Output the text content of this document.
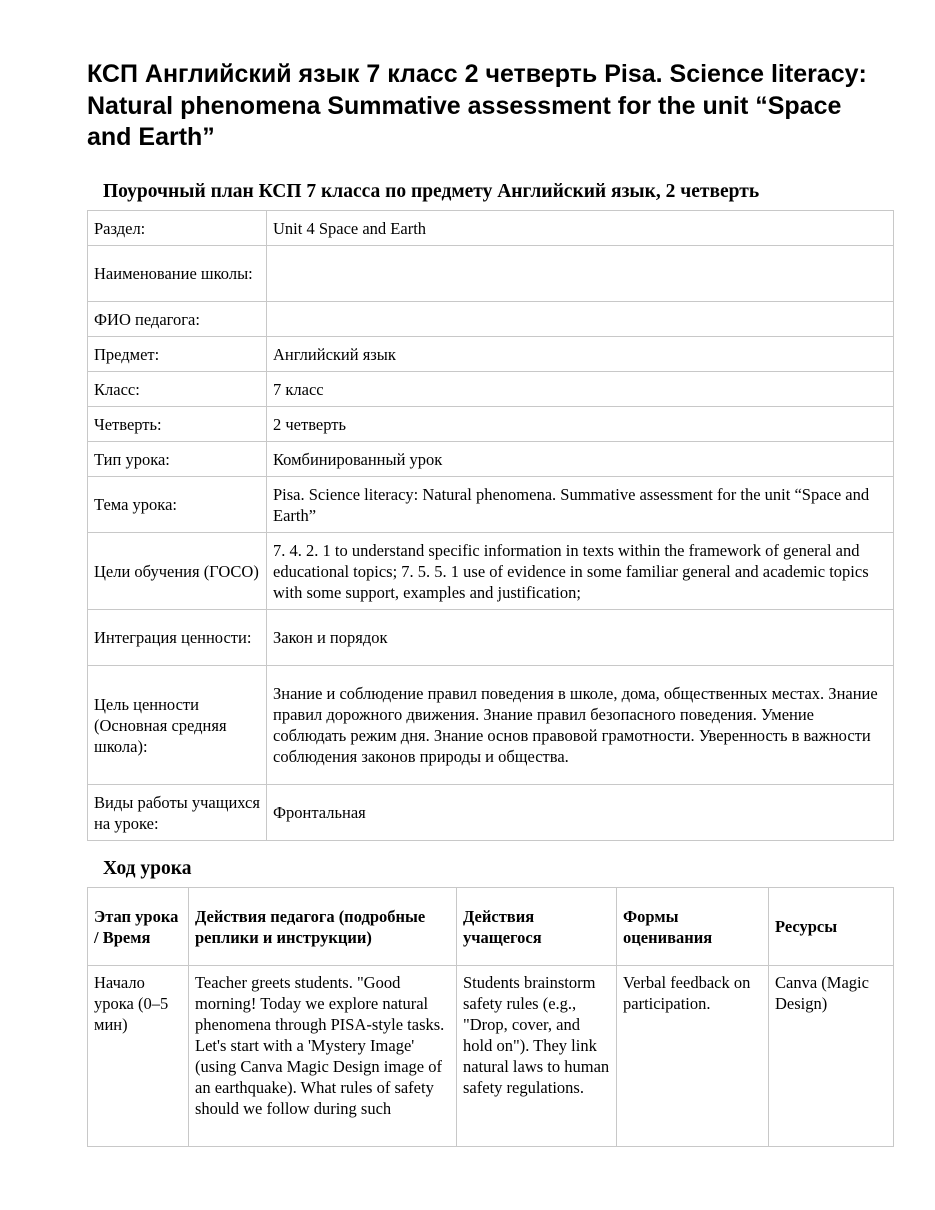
КСП Английский язык 7 класс 2 четверть Pisa. Science literacy: Natural phenomena Summative assessment for the unit “Space and Earth”
Поурочный план КСП 7 класса по предмету Английский язык, 2 четверть
Раздел:	Unit 4 Space and Earth
Наименование школы:	
ФИО педагога:	
Предмет:	Английский язык
Класс:	7 класс
Четверть:	2 четверть
Тип урока:	Комбинированный урок
Тема урока:	Pisa. Science literacy: Natural phenomena. Summative assessment for the unit “Space and Earth”
Цели обучения (ГОСО)	7. 4. 2. 1 to understand specific information in texts within the framework of general and educational topics; 7. 5. 5. 1 use of evidence in some familiar general and academic topics with some support, examples and justification;
Интеграция ценности:	Закон и порядок
Цель ценности (Основная средняя школа):	Знание и соблюдение правил поведения в школе, дома, общественных местах. Знание правил дорожного движения. Знание правил безопасного поведения. Умение соблюдать режим дня. Знание основ правовой грамотности. Уверенность в важности соблюдения законов природы и общества.
Виды работы учащихся на уроке:	Фронтальная
Ход урока
Этап урока / Время	Действия педагога (подробные реплики и инструкции)	Действия учащегося	Формы оценивания	Ресурсы
Начало урока (0–5 мин)	Teacher greets students. "Good morning! Today we explore natural phenomena through PISA-style tasks. Let's start with a 'Mystery Image' (using Canva Magic Design image of an earthquake). What rules of safety should we follow during such	Students brainstorm safety rules (e.g., "Drop, cover, and hold on"). They link natural laws to human safety regulations.	Verbal feedback on participation.	Canva (Magic Design)
